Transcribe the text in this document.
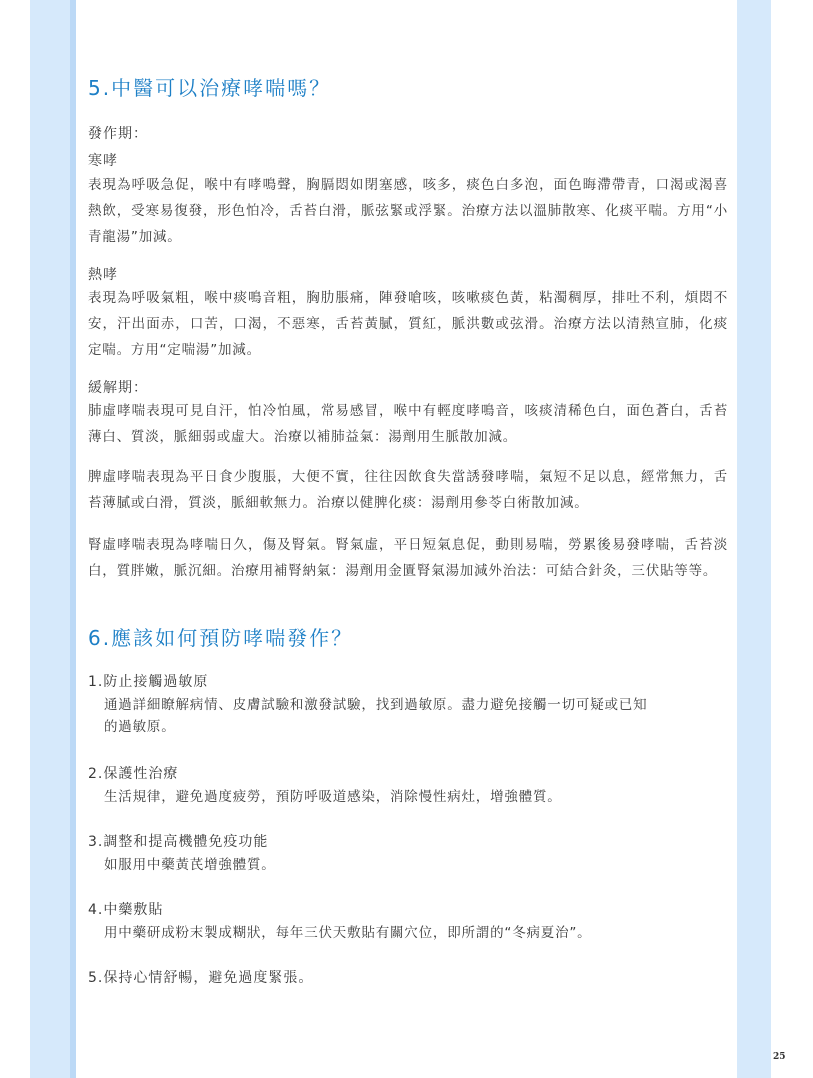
5.中醫可以治療哮喘嗎？
發作期：
寒哮

表現為呼吸急促，喉中有哮鳴聲，胸膈悶如閉塞感，咳多，痰色白多泡，面色晦滯帶青，口渴或渴喜熱飲，受寒易復發，形色怕冷，舌苔白滑，脈弦緊或浮緊。治療方法以溫肺散寒、化痰平喘。方用“小青龍湯”加減。

熱哮

表現為呼吸氣粗，喉中痰鳴音粗，胸肋脹痛，陣發嗆咳，咳嗽痰色黃，粘濁稠厚，排吐不利，煩悶不安，汗出面赤，口苦，口渴，不惡寒，舌苔黃膩，質紅，脈洪數或弦滑。治療方法以清熱宣肺，化痰定喘。方用“定喘湯”加減。

緩解期：

肺虛哮喘表現可見自汗，怕冷怕風，常易感冒，喉中有輕度哮鳴音，咳痰清稀色白，面色蒼白，舌苔薄白、質淡，脈細弱或虛大。治療以補肺益氣：湯劑用生脈散加減。

脾虛哮喘表現為平日食少腹脹，大便不實，往往因飲食失當誘發哮喘，氣短不足以息，經常無力，舌苔薄膩或白滑，質淡，脈細軟無力。治療以健脾化痰：湯劑用參苓白術散加減。

腎虛哮喘表現為哮喘日久，傷及腎氣。腎氣虛，平日短氣息促，動則易喘，勞累後易發哮喘，舌苔淡白，質胖嫩，脈沉細。治療用補腎納氣：湯劑用金匱腎氣湯加減外治法：可結合針灸，三伏貼等等。

6.應該如何預防哮喘發作？
1.防止接觸過敏原
通過詳細瞭解病情、皮膚試驗和激發試驗，找到過敏原。盡力避免接觸一切可疑或已知
的過敏原。
2.保護性治療
生活規律，避免過度疲勞，預防呼吸道感染，消除慢性病灶，增強體質。
3.調整和提高機體免疫功能
如服用中藥黃芪增強體質。
4.中藥敷貼
用中藥研成粉末製成糊狀，每年三伏天敷貼有關穴位，即所謂的“冬病夏治”。
5.保持心情舒暢，避免過度緊張。
25
